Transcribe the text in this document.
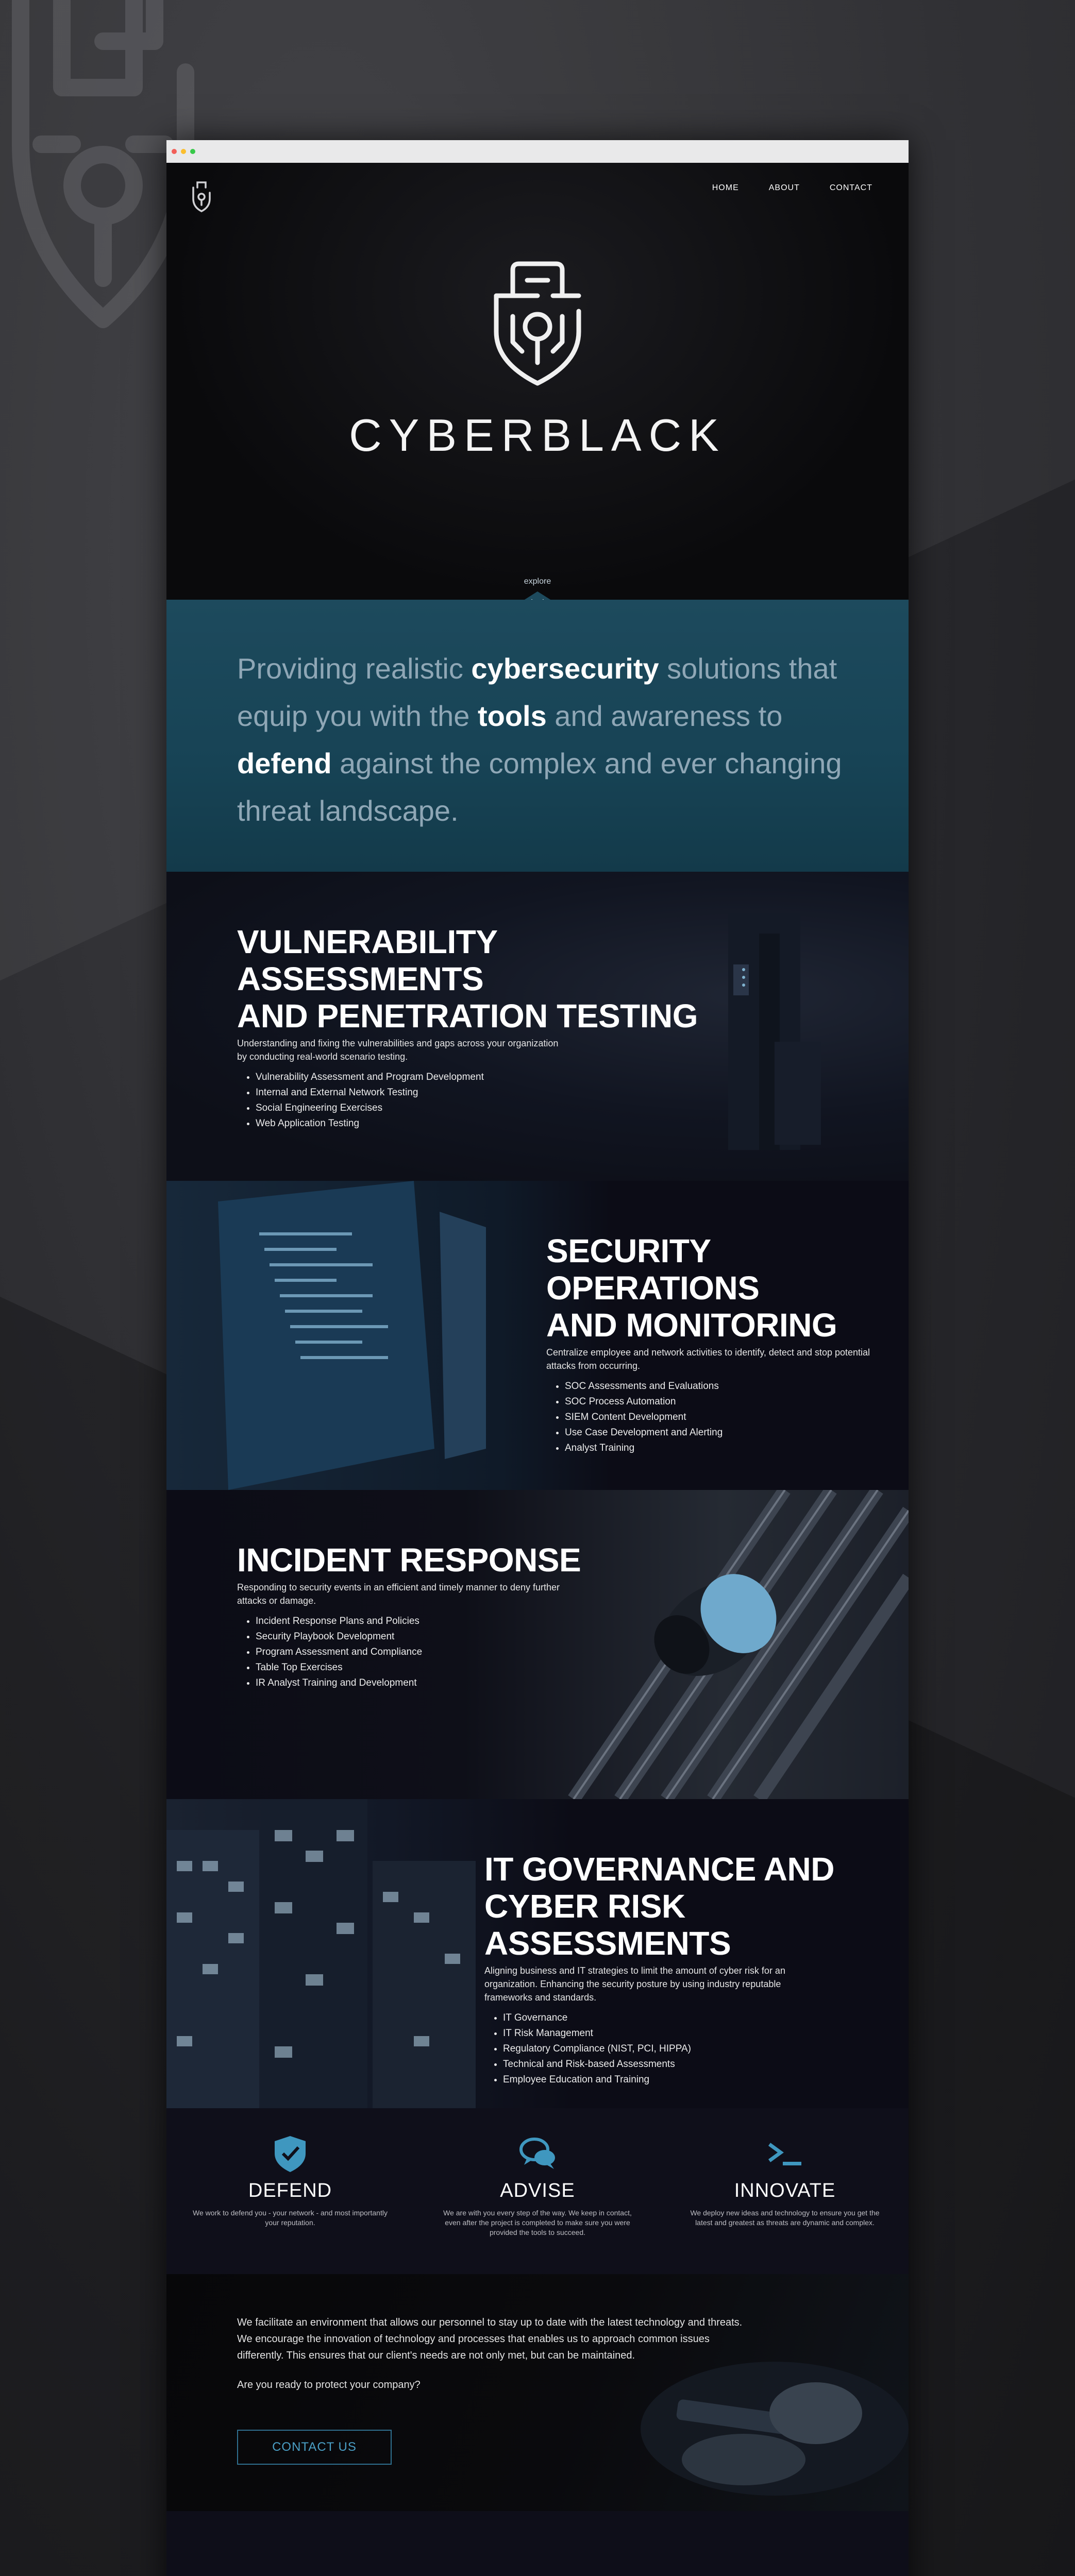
HOME	ABOUT	CONTACT
CYBERBLACK
explore

Providing realistic cybersecurity solutions that equip you with the tools and awareness to defend against the complex and ever changing threat landscape.

VULNERABILITY ASSESSMENTS
AND PENETRATION TESTING
Understanding and fixing the vulnerabilities and gaps across your organization by conducting real-world scenario testing.
• Vulnerability Assessment and Program Development
• Internal and External Network Testing
• Social Engineering Exercises
• Web Application Testing
SECURITY OPERATIONS
AND MONITORING
Centralize employee and network activities to identify, detect and stop potential attacks from occurring.
• SOC Assessments and Evaluations
• SOC Process Automation
• SIEM Content Development
• Use Case Development and Alerting
• Analyst Training
INCIDENT RESPONSE
Responding to security events in an efficient and timely manner to deny further attacks or damage.
• Incident Response Plans and Policies
• Security Playbook Development
• Program Assessment and Compliance
• Table Top Exercises
• IR Analyst Training and Development
IT GOVERNANCE AND
CYBER RISK ASSESSMENTS
Aligning business and IT strategies to limit the amount of cyber risk for an organization. Enhancing the security posture by using industry reputable frameworks and standards.
• IT Governance
• IT Risk Management
• Regulatory Compliance (NIST, PCI, HIPPA)
• Technical and Risk-based Assessments
• Employee Education and Training
DEFEND

We work to defend you - your network - and most importantly your reputation.

ADVISE

We are with you every step of the way. We keep in contact, even after the project is completed to make sure you were provided the tools to succeed.

INNOVATE

We deploy new ideas and technology to ensure you get the latest and greatest as threats are dynamic and complex.

We facilitate an environment that allows our personnel to stay up to date with the latest technology and threats. We encourage the innovation of technology and processes that enables us to approach common issues differently. This ensures that our client's needs are not only met, but can be maintained.
Are you ready to protect your company?
CONTACT US
